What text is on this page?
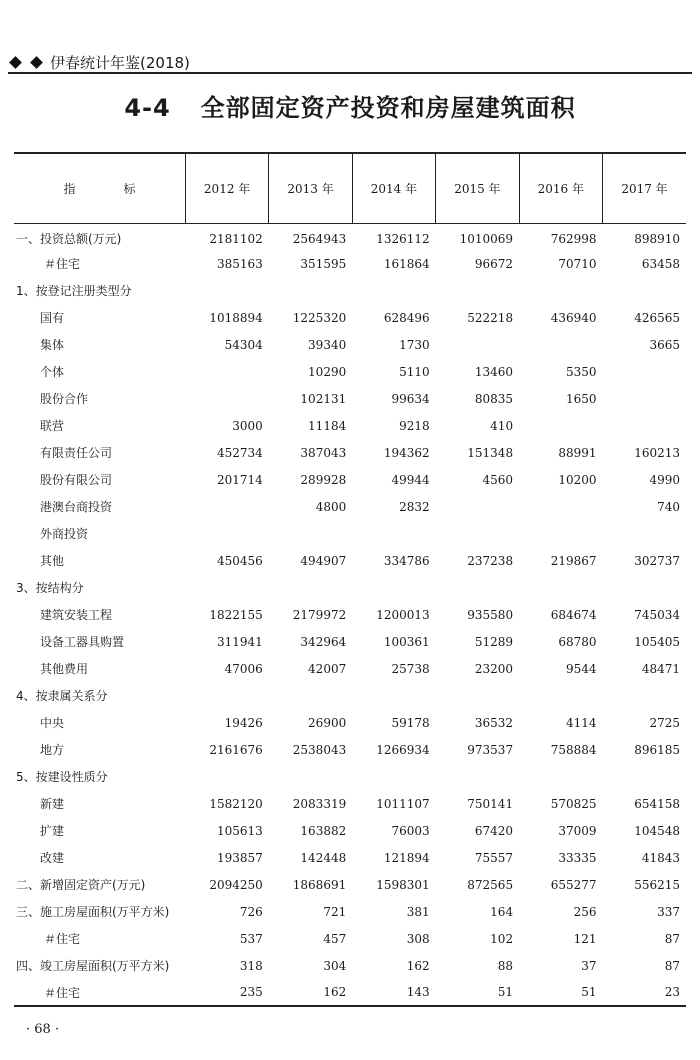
伊春统计年鉴(2018)
4-4 全部固定资产投资和房屋建筑面积
指　标	2012 年	2013 年	2014 年	2015 年	2016 年	2017 年
一、投资总额(万元)	2181102	2564943	1326112	1010069	762998	898910
＃住宅	385163	351595	161864	96672	70710	63458
1、按登记注册类型分						
国有	1018894	1225320	628496	522218	436940	426565
集体	54304	39340	1730			3665
个体		10290	5110	13460	5350	
股份合作		102131	99634	80835	1650	
联营	3000	11184	9218	410		
有限责任公司	452734	387043	194362	151348	88991	160213
股份有限公司	201714	289928	49944	4560	10200	4990
港澳台商投资		4800	2832			740
外商投资						
其他	450456	494907	334786	237238	219867	302737
3、按结构分						
建筑安装工程	1822155	2179972	1200013	935580	684674	745034
设备工器具购置	311941	342964	100361	51289	68780	105405
其他费用	47006	42007	25738	23200	9544	48471
4、按隶属关系分						
中央	19426	26900	59178	36532	4114	2725
地方	2161676	2538043	1266934	973537	758884	896185
5、按建设性质分						
新建	1582120	2083319	1011107	750141	570825	654158
扩建	105613	163882	76003	67420	37009	104548
改建	193857	142448	121894	75557	33335	41843
二、新增固定资产(万元)	2094250	1868691	1598301	872565	655277	556215
三、施工房屋面积(万平方米)	726	721	381	164	256	337
＃住宅	537	457	308	102	121	87
四、竣工房屋面积(万平方米)	318	304	162	88	37	87
＃住宅	235	162	143	51	51	23
· 68 ·
